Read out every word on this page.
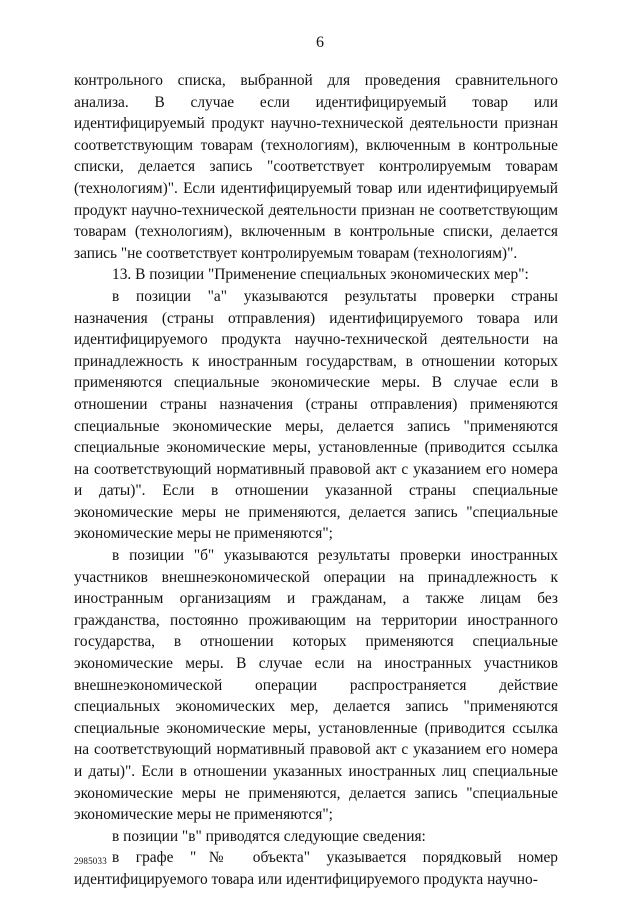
6

контрольного списка, выбранной для проведения сравнительного анализа. В случае если идентифицируемый товар или идентифицируемый продукт научно-технической деятельности признан соответствующим товарам (технологиям), включенным в контрольные списки, делается запись "соответствует контролируемым товарам (технологиям)". Если идентифицируемый товар или идентифицируемый продукт научно-технической деятельности признан не соответствующим товарам (технологиям), включенным в контрольные списки, делается запись "не соответствует контролируемым товарам (технологиям)".

13. В позиции "Применение специальных экономических мер":

в позиции "а" указываются результаты проверки страны назначения (страны отправления) идентифицируемого товара или идентифицируемого продукта научно-технической деятельности на принадлежность к иностранным государствам, в отношении которых применяются специальные экономические меры. В случае если в отношении страны назначения (страны отправления) применяются специальные экономические меры, делается запись "применяются специальные экономические меры, установленные (приводится ссылка на соответствующий нормативный правовой акт с указанием его номера и даты)". Если в отношении указанной страны специальные экономические меры не применяются, делается запись "специальные экономические меры не применяются";

в позиции "б" указываются результаты проверки иностранных участников внешнеэкономической операции на принадлежность к иностранным организациям и гражданам, а также лицам без гражданства, постоянно проживающим на территории иностранного государства, в отношении которых применяются специальные экономические меры. В случае если на иностранных участников внешнеэкономической операции распространяется действие специальных экономических мер, делается запись "применяются специальные экономические меры, установленные (приводится ссылка на соответствующий нормативный правовой акт с указанием его номера и даты)". Если в отношении указанных иностранных лиц специальные экономические меры не применяются, делается запись "специальные экономические меры не применяются";

в позиции "в" приводятся следующие сведения:

в графе "№ объекта" указывается порядковый номер идентифицируемого товара или идентифицируемого продукта научно-

2985033
